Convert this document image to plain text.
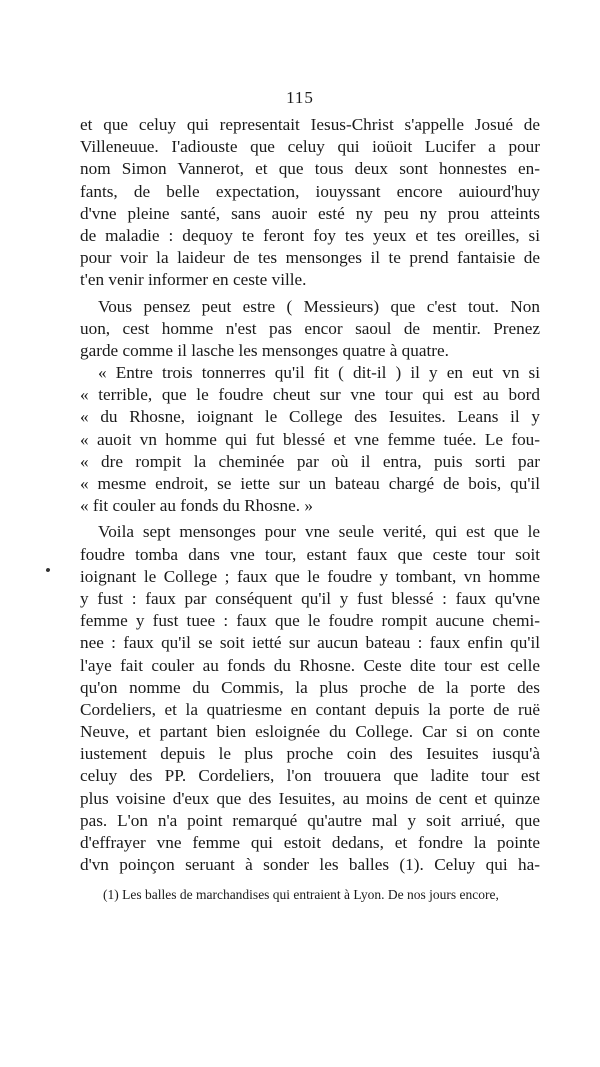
115
et que celuy qui representait Iesus-Christ s'appelle Josué de
Villeneuue. I'adiouste que celuy qui ioüoit Lucifer a pour
nom Simon Vannerot, et que tous deux sont honnestes en-
fants, de belle expectation, iouyssant encore auiourd'huy
d'vne pleine santé, sans auoir esté ny peu ny prou atteints
de maladie : dequoy te feront foy tes yeux et tes oreilles, si
pour voir la laideur de tes mensonges il te prend fantaisie de
t'en venir informer en ceste ville.
Vous pensez peut estre ( Messieurs) que c'est tout. Non
uon, cest homme n'est pas encor saoul de mentir. Prenez
garde comme il lasche les mensonges quatre à quatre.
« Entre trois tonnerres qu'il fit ( dit-il ) il y en eut vn si
« terrible, que le foudre cheut sur vne tour qui est au bord
« du Rhosne, ioignant le College des Iesuites. Leans il y
« auoit vn homme qui fut blessé et vne femme tuée. Le fou-
« dre rompit la cheminée par où il entra, puis sorti par
« mesme endroit, se iette sur un bateau chargé de bois, qu'il
« fit couler au fonds du Rhosne. »
Voila sept mensonges pour vne seule verité, qui est que le
foudre tomba dans vne tour, estant faux que ceste tour soit
ioignant le College ; faux que le foudre y tombant, vn homme
y fust : faux par conséquent qu'il y fust blessé : faux qu'vne
femme y fust tuee : faux que le foudre rompit aucune chemi-
nee : faux qu'il se soit ietté sur aucun bateau : faux enfin qu'il
l'aye fait couler au fonds du Rhosne. Ceste dite tour est celle
qu'on nomme du Commis, la plus proche de la porte des
Cordeliers, et la quatriesme en contant depuis la porte de ruë
Neuve, et partant bien esloignée du College. Car si on conte
iustement depuis le plus proche coin des Iesuites iusqu'à
celuy des PP. Cordeliers, l'on trouuera que ladite tour est
plus voisine d'eux que des Iesuites, au moins de cent et quinze
pas. L'on n'a point remarqué qu'autre mal y soit arriué, que
d'effrayer vne femme qui estoit dedans, et fondre la pointe
d'vn poinçon seruant à sonder les balles (1). Celuy qui ha-
(1) Les balles de marchandises qui entraient à Lyon. De nos jours encore,
